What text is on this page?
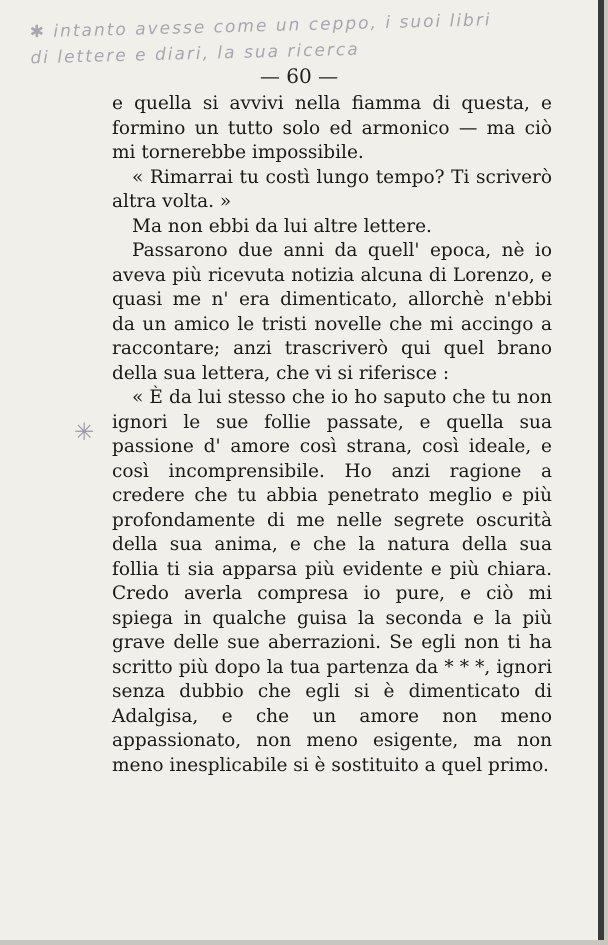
✱ intanto avesse come un ceppo, i suoi libri
di lettere e diari, la sua ricerca
— 60 —
✳

e quella si avvivi nella fiamma di questa, e formino un tutto solo ed armonico — ma ciò mi tornerebbe impossibile.

« Rimarrai tu costì lungo tempo? Ti scriverò altra volta. »

Ma non ebbi da lui altre lettere.

Passarono due anni da quell' epoca, nè io aveva più ricevuta notizia alcuna di Lorenzo, e quasi me n' era dimenticato, allorchè n'ebbi da un amico le tristi novelle che mi accingo a raccontare; anzi trascriverò qui quel brano della sua lettera, che vi si riferisce :

« È da lui stesso che io ho saputo che tu non ignori le sue follie passate, e quella sua passione d' amore così strana, così ideale, e così incomprensibile. Ho anzi ragione a credere che tu abbia penetrato meglio e più profondamente di me nelle segrete oscurità della sua anima, e che la natura della sua follia ti sia apparsa più evidente e più chiara. Credo averla compresa io pure, e ciò mi spiega in qualche guisa la seconda e la più grave delle sue aberrazioni. Se egli non ti ha scritto più dopo la tua partenza da * * *, ignori senza dubbio che egli si è dimenticato di Adalgisa, e che un amore non meno appassionato, non meno esigente, ma non meno inesplicabile si è sostituito a quel primo.
